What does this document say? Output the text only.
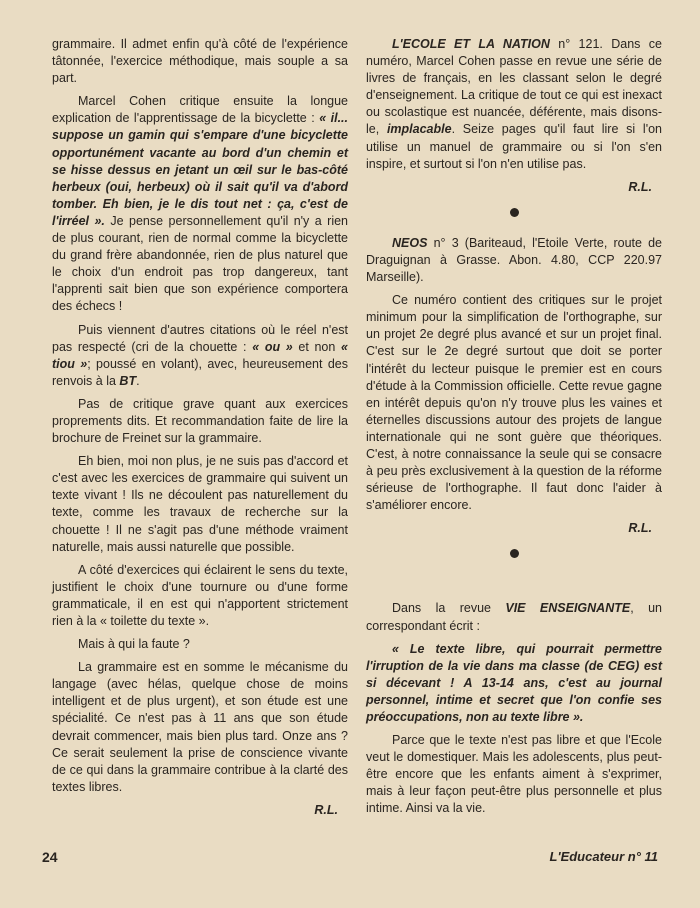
grammaire. Il admet enfin qu'à côté de l'expérience tâtonnée, l'exercice méthodique, mais souple a sa part.

Marcel Cohen critique ensuite la longue explication de l'apprentissage de la bicyclette : « il... suppose un gamin qui s'empare d'une bicyclette opportunément vacante au bord d'un chemin et se hisse dessus en jetant un œil sur le bas-côté herbeux (oui, herbeux) où il sait qu'il va d'abord tomber. Eh bien, je le dis tout net : ça, c'est de l'irréel ». Je pense personnellement qu'il n'y a rien de plus courant, rien de normal comme la bicyclette du grand frère abandonnée, rien de plus naturel que le choix d'un endroit pas trop dangereux, tant l'apprenti sait bien que son expérience comportera des échecs !

Puis viennent d'autres citations où le réel n'est pas respecté (cri de la chouette : « ou » et non « tiou »; poussé en volant), avec, heureusement des renvois à la BT.

Pas de critique grave quant aux exercices proprements dits. Et recommandation faite de lire la brochure de Freinet sur la grammaire.

Eh bien, moi non plus, je ne suis pas d'accord et c'est avec les exercices de grammaire qui suivent un texte vivant ! Ils ne découlent pas naturellement du texte, comme les travaux de recherche sur la chouette ! Il ne s'agit pas d'une méthode vraiment naturelle, mais aussi naturelle que possible.

A côté d'exercices qui éclairent le sens du texte, justifient le choix d'une tournure ou d'une forme grammaticale, il en est qui n'apportent strictement rien à la « toilette du texte ».

Mais à qui la faute ?

La grammaire est en somme le mécanisme du langage (avec hélas, quelque chose de moins intelligent et de plus urgent), et son étude est une spécialité. Ce n'est pas à 11 ans que son étude devrait commencer, mais bien plus tard. Onze ans ? Ce serait seulement la prise de conscience vivante de ce qui dans la grammaire contribue à la clarté des textes libres.

R.L.

L'ECOLE ET LA NATION n° 121. Dans ce numéro, Marcel Cohen passe en revue une série de livres de français, en les classant selon le degré d'enseignement. La critique de tout ce qui est inexact ou scolastique est nuancée, déférente, mais disons-le, implacable. Seize pages qu'il faut lire si l'on utilise un manuel de grammaire ou si l'on s'en inspire, et surtout si l'on n'en utilise pas.

R.L.

NEOS n° 3 (Bariteaud, l'Etoile Verte, route de Draguignan à Grasse. Abon. 4.80, CCP 220.97 Marseille).

Ce numéro contient des critiques sur le projet minimum pour la simplification de l'orthographe, sur un projet 2e degré plus avancé et sur un projet final. C'est sur le 2e degré surtout que doit se porter l'intérêt du lecteur puisque le premier est en cours d'étude à la Commission officielle. Cette revue gagne en intérêt depuis qu'on n'y trouve plus les vaines et éternelles discussions autour des projets de langue internationale qui ne sont guère que théoriques. C'est, à notre connaissance la seule qui se consacre à peu près exclusivement à la question de la réforme sérieuse de l'orthographe. Il faut donc l'aider à s'améliorer encore.

R.L.

Dans la revue VIE ENSEIGNANTE, un correspondant écrit :

« Le texte libre, qui pourrait permettre l'irruption de la vie dans ma classe (de CEG) est si décevant ! A 13-14 ans, c'est au journal personnel, intime et secret que l'on confie ses préoccupations, non au texte libre ».

Parce que le texte n'est pas libre et que l'Ecole veut le domestiquer. Mais les adolescents, plus peut-être encore que les enfants aiment à s'exprimer, mais à leur façon peut-être plus personnelle et plus intime. Ainsi va la vie.

24	L'Educateur n° 11
